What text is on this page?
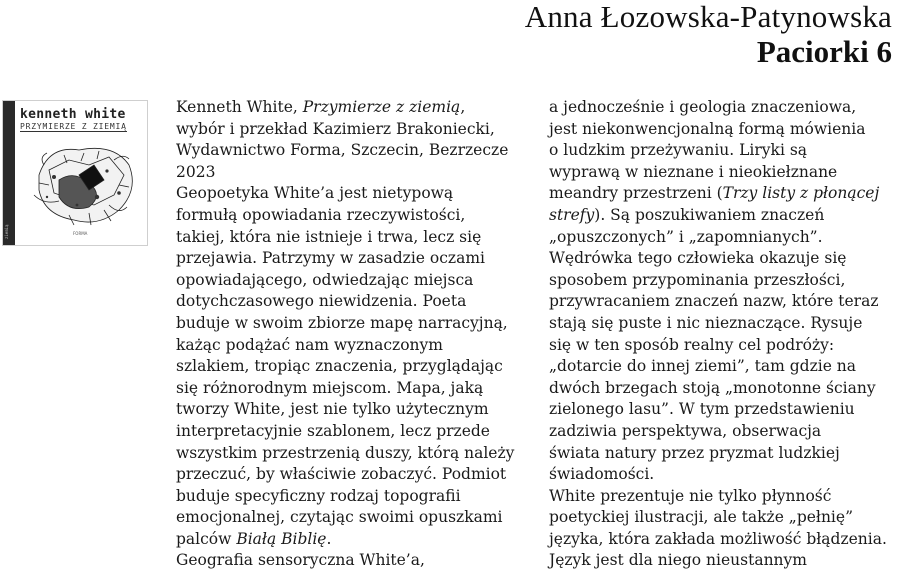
Anna Łozowska-Patynowska
Paciorki 6
ziemią
kenneth white
PRZYMIERZE Z ZIEMIĄ
FORMA

Kenneth White, Przymierze z ziemią,

wybór i przekład Kazimierz Brakoniecki,

Wydawnictwo Forma, Szczecin, Bezrzecze

2023

Geopoetyka White’a jest nietypową

formułą opowiadania rzeczywistości,

takiej, która nie istnieje i trwa, lecz się

przejawia. Patrzymy w zasadzie oczami

opowiadającego, odwiedzając miejsca

dotychczasowego niewidzenia. Poeta

buduje w swoim zbiorze mapę narracyjną,

każąc podążać nam wyznaczonym

szlakiem, tropiąc znaczenia, przyglądając

się różnorodnym miejscom. Mapa, jaką

tworzy White, jest nie tylko użytecznym

interpretacyjnie szablonem, lecz przede

wszystkim przestrzenią duszy, którą należy

przeczuć, by właściwie zobaczyć. Podmiot

buduje specyficzny rodzaj topografii

emocjonalnej, czytając swoimi opuszkami

palców Białą Biblię.

Geografia sensoryczna White’a,

a jednocześnie i geologia znaczeniowa,

jest niekonwencjonalną formą mówienia

o ludzkim przeżywaniu. Liryki są

wyprawą w nieznane i nieokiełznane

meandry przestrzeni (Trzy listy z płonącej

strefy). Są poszukiwaniem znaczeń

„opuszczonych” i „zapomnianych”.

Wędrówka tego człowieka okazuje się

sposobem przypominania przeszłości,

przywracaniem znaczeń nazw, które teraz

stają się puste i nic nieznaczące. Rysuje

się w ten sposób realny cel podróży:

„dotarcie do innej ziemi”, tam gdzie na

dwóch brzegach stoją „monotonne ściany

zielonego lasu”. W tym przedstawieniu

zadziwia perspektywa, obserwacja

świata natury przez pryzmat ludzkiej

świadomości.

White prezentuje nie tylko płynność

poetyckiej ilustracji, ale także „pełnię”

języka, która zakłada możliwość błądzenia.

Język jest dla niego nieustannym
